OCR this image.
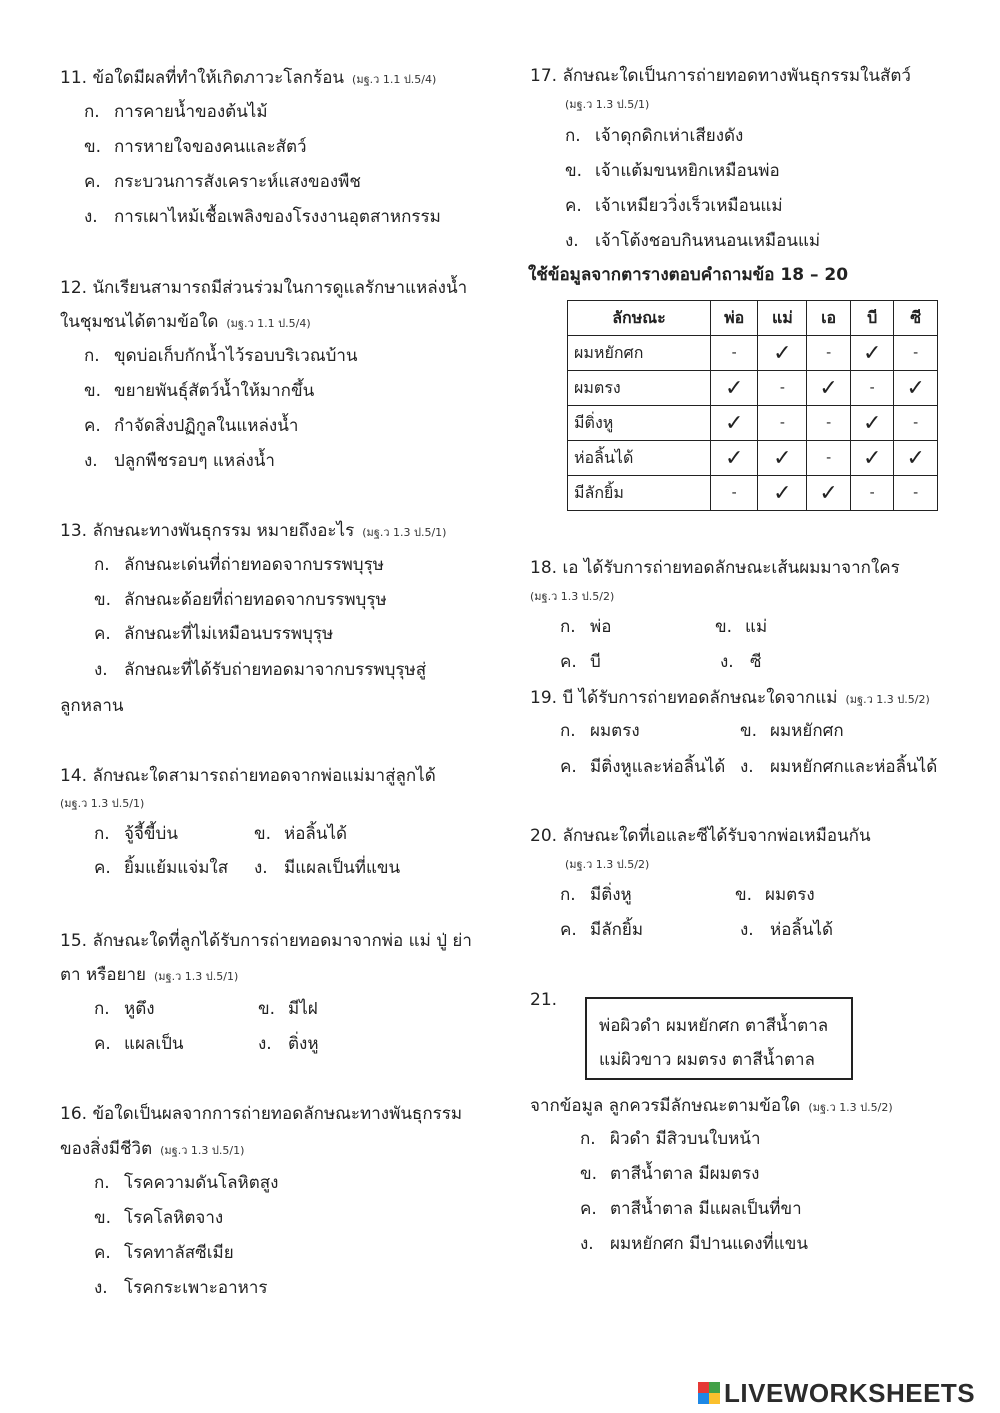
11. ข้อใดมีผลที่ทำให้เกิดภาวะโลกร้อน (มฐ.ว 1.1 ป.5/4)
ก. การคายน้ำของต้นไม้
ข. การหายใจของคนและสัตว์
ค. กระบวนการสังเคราะห์แสงของพืช
ง. การเผาไหม้เชื้อเพลิงของโรงงานอุตสาหกรรม
12. นักเรียนสามารถมีส่วนร่วมในการดูแลรักษาแหล่งน้ำ
ในชุมชนได้ตามข้อใด (มฐ.ว 1.1 ป.5/4)
ก. ขุดบ่อเก็บกักน้ำไว้รอบบริเวณบ้าน
ข. ขยายพันธุ์สัตว์น้ำให้มากขึ้น
ค. กำจัดสิ่งปฏิกูลในแหล่งน้ำ
ง. ปลูกพืชรอบๆ แหล่งน้ำ
13. ลักษณะทางพันธุกรรม หมายถึงอะไร (มฐ.ว 1.3 ป.5/1)
ก. ลักษณะเด่นที่ถ่ายทอดจากบรรพบุรุษ
ข. ลักษณะด้อยที่ถ่ายทอดจากบรรพบุรุษ
ค. ลักษณะที่ไม่เหมือนบรรพบุรุษ
ง. ลักษณะที่ได้รับถ่ายทอดมาจากบรรพบุรุษสู่
ลูกหลาน
14. ลักษณะใดสามารถถ่ายทอดจากพ่อแม่มาสู่ลูกได้
(มฐ.ว 1.3 ป.5/1)
ก. จู้จี้ขี้บ่น	ข. ห่อลิ้นได้
ค. ยิ้มแย้มแจ่มใส ง. มีแผลเป็นที่แขน
15. ลักษณะใดที่ลูกได้รับการถ่ายทอดมาจากพ่อ แม่ ปู่ ย่า
ตา หรือยาย (มฐ.ว 1.3 ป.5/1)
ก. หูตึง	ข. มีไฝ
ค. แผลเป็น	ง. ติ่งหู
16. ข้อใดเป็นผลจากการถ่ายทอดลักษณะทางพันธุกรรม
ของสิ่งมีชีวิต (มฐ.ว 1.3 ป.5/1)
ก. โรคความดันโลหิตสูง
ข. โรคโลหิตจาง
ค. โรคทาลัสซีเมีย
ง. โรคกระเพาะอาหาร
17. ลักษณะใดเป็นการถ่ายทอดทางพันธุกรรมในสัตว์
(มฐ.ว 1.3 ป.5/1)
ก. เจ้าดุกดิกเห่าเสียงดัง
ข. เจ้าแต้มขนหยิกเหมือนพ่อ
ค. เจ้าเหมียววิ่งเร็วเหมือนแม่
ง. เจ้าโต้งชอบกินหนอนเหมือนแม่
ใช้ข้อมูลจากตารางตอบคำถามข้อ 18 – 20
ลักษณะ	พ่อ	แม่	เอ	บี	ซี
ผมหยักศก	-	✓	-	✓	-
ผมตรง	✓	-	✓	-	✓
มีติ่งหู	✓	-	-	✓	-
ห่อลิ้นได้	✓	✓	-	✓	✓
มีลักยิ้ม	-	✓	✓	-	-
18. เอ ได้รับการถ่ายทอดลักษณะเส้นผมมาจากใคร
(มฐ.ว 1.3 ป.5/2)
ก. พ่อ	ข. แม่
ค. บี	ง. ซี
19. บี ได้รับการถ่ายทอดลักษณะใดจากแม่ (มฐ.ว 1.3 ป.5/2)
ก. ผมตรง	ข. ผมหยักศก
ค. มีติ่งหูและห่อลิ้นได้ ง. ผมหยักศกและห่อลิ้นได้
20. ลักษณะใดที่เอและซีได้รับจากพ่อเหมือนกัน
(มฐ.ว 1.3 ป.5/2)
ก. มีติ่งหู	ข. ผมตรง
ค. มีลักยิ้ม	ง. ห่อลิ้นได้
21.
พ่อผิวดำ ผมหยักศก ตาสีน้ำตาล
แม่ผิวขาว ผมตรง ตาสีน้ำตาล
จากข้อมูล ลูกควรมีลักษณะตามข้อใด (มฐ.ว 1.3 ป.5/2)
ก. ผิวดำ มีสิวบนใบหน้า
ข. ตาสีน้ำตาล มีผมตรง
ค. ตาสีน้ำตาล มีแผลเป็นที่ขา
ง. ผมหยักศก มีปานแดงที่แขน
LIVEWORKSHEETS
